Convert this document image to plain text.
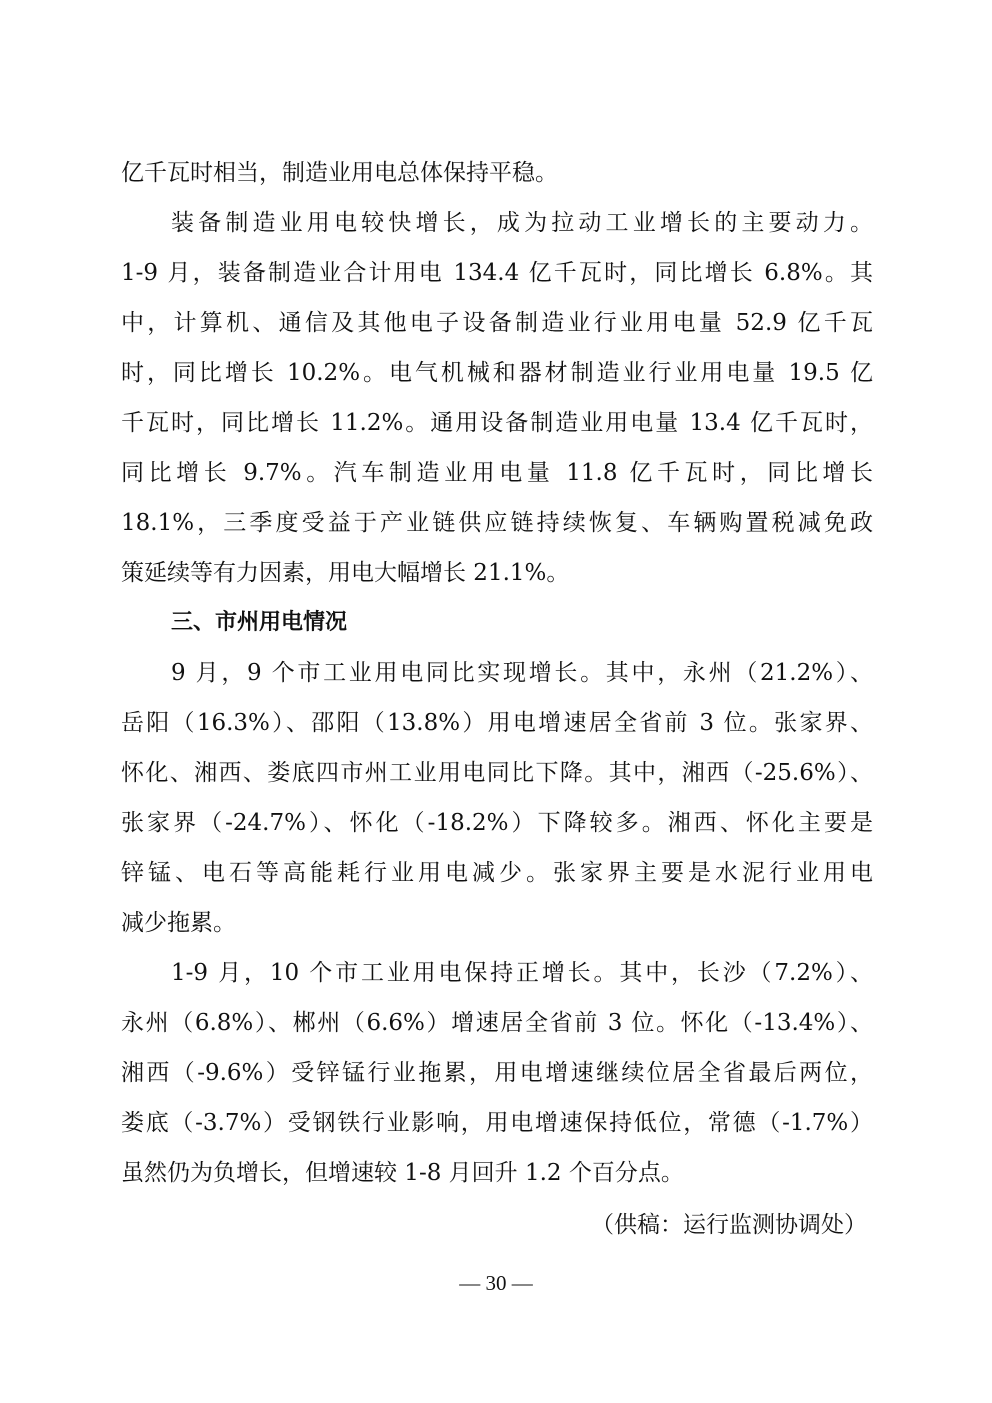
亿千瓦时相当，制造业用电总体保持平稳。
装备制造业用电较快增长，成为拉动工业增长的主要动力。
1-9 月，装备制造业合计用电 134.4 亿千瓦时，同比增长 6.8%。其
中，计算机、通信及其他电子设备制造业行业用电量 52.9 亿千瓦
时，同比增长 10.2%。电气机械和器材制造业行业用电量 19.5 亿
千瓦时，同比增长 11.2%。通用设备制造业用电量 13.4 亿千瓦时，
同比增长 9.7%。汽车制造业用电量 11.8 亿千瓦时，同比增长
18.1%，三季度受益于产业链供应链持续恢复、车辆购置税减免政
策延续等有力因素，用电大幅增长 21.1%。
三、市州用电情况
9 月，9 个市工业用电同比实现增长。其中，永州（21.2%）、
岳阳（16.3%）、邵阳（13.8%）用电增速居全省前 3 位。张家界、
怀化、湘西、娄底四市州工业用电同比下降。其中，湘西（-25.6%）、
张家界（-24.7%）、怀化（-18.2%）下降较多。湘西、怀化主要是
锌锰、电石等高能耗行业用电减少。张家界主要是水泥行业用电
减少拖累。
1-9 月，10 个市工业用电保持正增长。其中，长沙（7.2%）、
永州（6.8%）、郴州（6.6%）增速居全省前 3 位。怀化（-13.4%）、
湘西（-9.6%）受锌锰行业拖累，用电增速继续位居全省最后两位，
娄底（-3.7%）受钢铁行业影响，用电增速保持低位，常德（-1.7%）
虽然仍为负增长，但增速较 1-8 月回升 1.2 个百分点。
（供稿：运行监测协调处）
— 30 —
